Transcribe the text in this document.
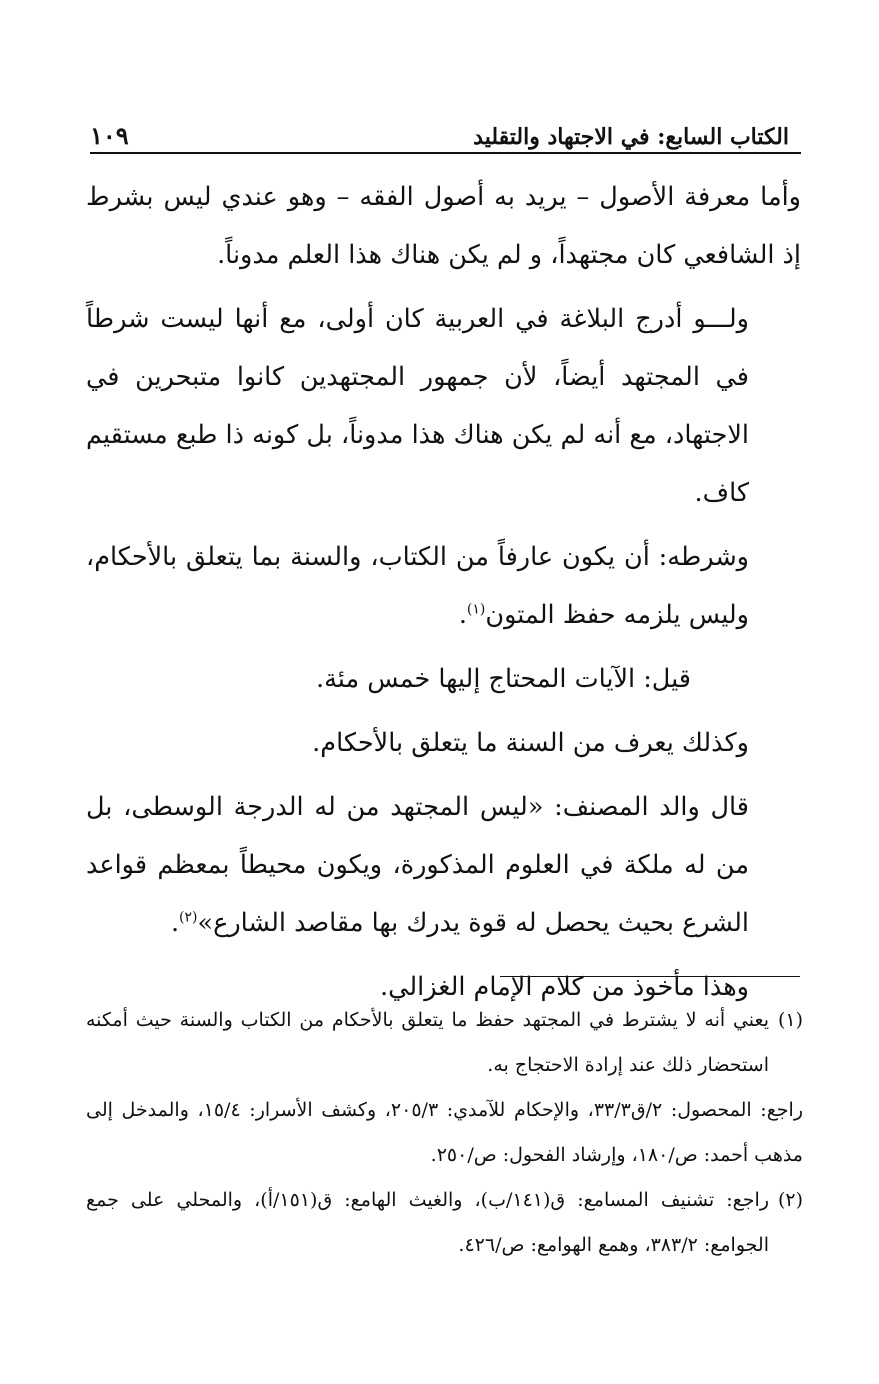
الكتاب السابع: في الاجتهاد والتقليد
١٠٩

وأما معرفة الأصول – يريد به أصول الفقه – وهو عندي ليس بشرط إذ الشافعي كان مجتهداً، و لم يكن هناك هذا العلم مدوناً.

ولـــو أدرج البلاغة في العربية كان أولى، مع أنها ليست شرطاً في المجتهد أيضاً، لأن جمهور المجتهدين كانوا متبحرين في الاجتهاد، مع أنه لم يكن هناك هذا مدوناً، بل كونه ذا طبع مستقيم كاف.

وشرطه: أن يكون عارفاً من الكتاب، والسنة بما يتعلق بالأحكام، وليس يلزمه حفظ المتون$^{(١)}$.

قيل: الآيات المحتاج إليها خمس مئة.

وكذلك يعرف من السنة ما يتعلق بالأحكام.

قال والد المصنف: «ليس المجتهد من له الدرجة الوسطى، بل من له ملكة في العلوم المذكورة، ويكون محيطاً بمعظم قواعد الشرع بحيث يحصل له قوة يدرك بها مقاصد الشارع»$^{(٢)}$.

وهذا مأخوذ من كلام الإمام الغزالي.

(١)يعني أنه لا يشترط في المجتهد حفظ ما يتعلق بالأحكام من الكتاب والسنة حيث أمكنه استحضار ذلك عند إرادة الاحتجاج به.

راجع: المحصول: ٢/ق٣٣/٣، والإحكام للآمدي: ٢٠٥/٣، وكشف الأسرار: ١٥/٤، والمدخل إلى مذهب أحمد: ص/١٨٠، وإرشاد الفحول: ص/٢٥٠.

(٢)راجع: تشنيف المسامع: ق(١٤١/ب)، والغيث الهامع: ق(١٥١/أ)، والمحلي على جمع الجوامع: ٣٨٣/٢، وهمع الهوامع: ص/٤٢٦.
